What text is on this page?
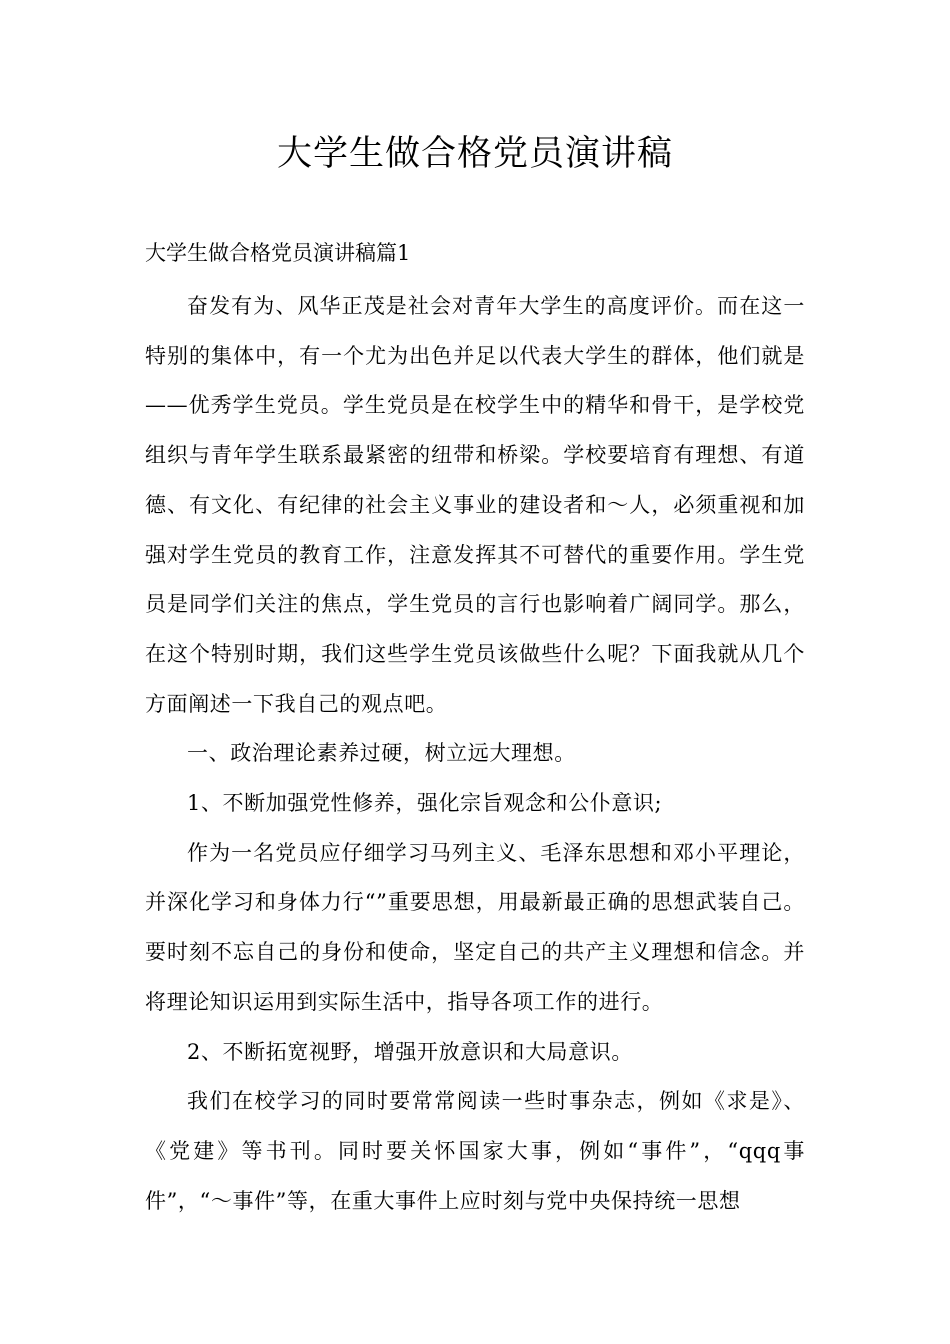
大学生做合格党员演讲稿

大学生做合格党员演讲稿篇1

奋发有为、风华正茂是社会对青年大学生的高度评价。而在这一特别的集体中，有一个尤为出色并足以代表大学生的群体，他们就是——优秀学生党员。学生党员是在校学生中的精华和骨干，是学校党组织与青年学生联系最紧密的纽带和桥梁。学校要培育有理想、有道德、有文化、有纪律的社会主义事业的建设者和～人，必须重视和加强对学生党员的教育工作，注意发挥其不可替代的重要作用。学生党员是同学们关注的焦点，学生党员的言行也影响着广阔同学。那么，在这个特别时期，我们这些学生党员该做些什么呢？下面我就从几个方面阐述一下我自己的观点吧。

一、政治理论素养过硬，树立远大理想。

1、不断加强党性修养，强化宗旨观念和公仆意识;

作为一名党员应仔细学习马列主义、毛泽东思想和邓小平理论，并深化学习和身体力行“”重要思想，用最新最正确的思想武装自己。要时刻不忘自己的身份和使命，坚定自己的共产主义理想和信念。并将理论知识运用到实际生活中，指导各项工作的进行。

2、不断拓宽视野，增强开放意识和大局意识。

我们在校学习的同时要常常阅读一些时事杂志，例如《求是》、《党建》等书刊。同时要关怀国家大事，例如“事件”，“qqq事件”，“～事件”等，在重大事件上应时刻与党中央保持统一思想
